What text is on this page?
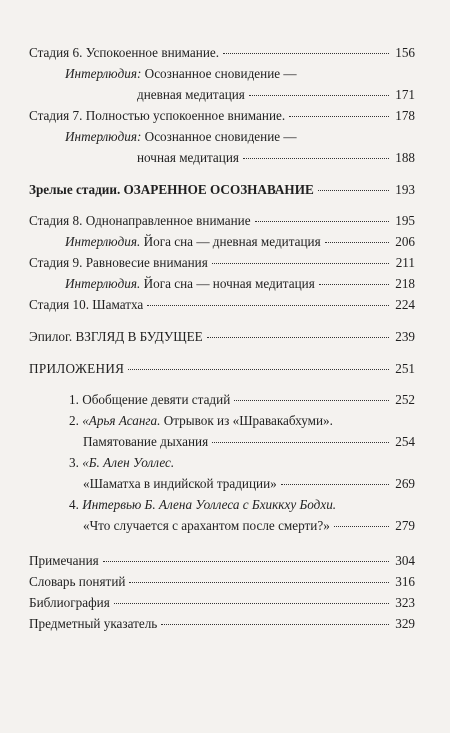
Стадия 6. Успокоенное внимание.	156
Интерлюдия: Осознанное сновидение —
дневная медитация	171
Стадия 7. Полностью успокоенное внимание.	178
Интерлюдия: Осознанное сновидение —
ночная медитация	188
Зрелые стадии. ОЗАРЕННОЕ ОСОЗНАВАНИЕ	193
Стадия 8. Однонаправленное внимание	195
Интерлюдия. Йога сна — дневная медитация	206
Стадия 9. Равновесие внимания	211
Интерлюдия. Йога сна — ночная медитация	218
Стадия 10. Шаматха	224
Эпилог. ВЗГЛЯД В БУДУЩЕЕ	239
ПРИЛОЖЕНИЯ	251
1. Обобщение девяти стадий	252
2. «Арья Асанга. Отрывок из «Шравакабхуми».
Памятование дыхания	254
3. «Б. Ален Уоллес.
«Шаматха в индийской традиции»	269
4. Интервью Б. Алена Уоллеса с Бхиккху Бодхи.
«Что случается с арахантом после смерти?»	279
Примечания	304
Словарь понятий	316
Библиография	323
Предметный указатель	329
